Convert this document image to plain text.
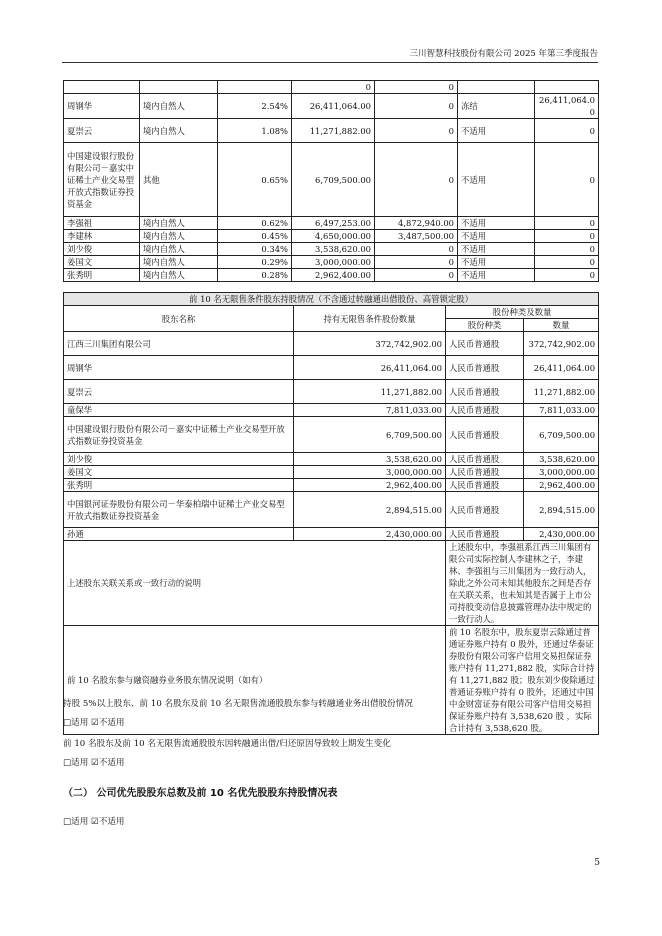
三川智慧科技股份有限公司 2025 年第三季度报告
			0	0		
周钢华	境内自然人	2.54%	26,411,064.00	0	冻结	26,411,064.00
夏崇云	境内自然人	1.08%	11,271,882.00	0	不适用	0
中国建设银行股份有限公司－嘉实中证稀土产业交易型开放式指数证券投资基金	其他	0.65%	6,709,500.00	0	不适用	0
李强祖	境内自然人	0.62%	6,497,253.00	4,872,940.00	不适用	0
李建林	境内自然人	0.45%	4,650,000.00	3,487,500.00	不适用	0
刘少俊	境内自然人	0.34%	3,538,620.00	0	不适用	0
姜国文	境内自然人	0.29%	3,000,000.00	0	不适用	0
张秀明	境内自然人	0.28%	2,962,400.00	0	不适用	0
前 10 名无限售条件股东持股情况（不含通过转融通出借股份、高管锁定股）			
股东名称	持有无限售条件股份数量	股份种类及数量	
		股份种类	数量
江西三川集团有限公司	372,742,902.00	人民币普通股	372,742,902.00
周钢华	26,411,064.00	人民币普通股	26,411,064.00
夏崇云	11,271,882.00	人民币普通股	11,271,882.00
童保华	7,811,033.00	人民币普通股	7,811,033.00
中国建设银行股份有限公司－嘉实中证稀土产业交易型开放式指数证券投资基金	6,709,500.00	人民币普通股	6,709,500.00
刘少俊	3,538,620.00	人民币普通股	3,538,620.00
姜国文	3,000,000.00	人民币普通股	3,000,000.00
张秀明	2,962,400.00	人民币普通股	2,962,400.00
中国银河证券股份有限公司－华泰柏瑞中证稀土产业交易型开放式指数证券投资基金	2,894,515.00	人民币普通股	2,894,515.00
孙通	2,430,000.00	人民币普通股	2,430,000.00
上述股东关联关系或一致行动的说明		上述股东中，李强祖系江西三川集团有限公司实际控制人李建林之子，李建林、李强祖与三川集团为一致行动人，除此之外公司未知其他股东之间是否存在关联关系，也未知其是否属于上市公司持股变动信息披露管理办法中规定的一致行动人。	
前 10 名股东参与融资融券业务股东情况说明（如有）		前 10 名股东中，股东夏崇云除通过普通证券账户持有 0 股外，还通过华泰证券股份有限公司客户信用交易担保证券账户持有 11,271,882 股，实际合计持有 11,271,882 股；股东刘少俊除通过普通证券账户持有 0 股外，还通过中国中金财富证券有限公司客户信用交易担保证券账户持有 3,538,620 股 ，实际合计持有 3,538,620 股。	
持股 5%以上股东、前 10 名股东及前 10 名无限售流通股股东参与转融通业务出借股份情况
□适用 ☑不适用
前 10 名股东及前 10 名无限售流通股股东因转融通出借/归还原因导致较上期发生变化
□适用 ☑不适用
（二） 公司优先股股东总数及前 10 名优先股股东持股情况表
□适用 ☑不适用
5
